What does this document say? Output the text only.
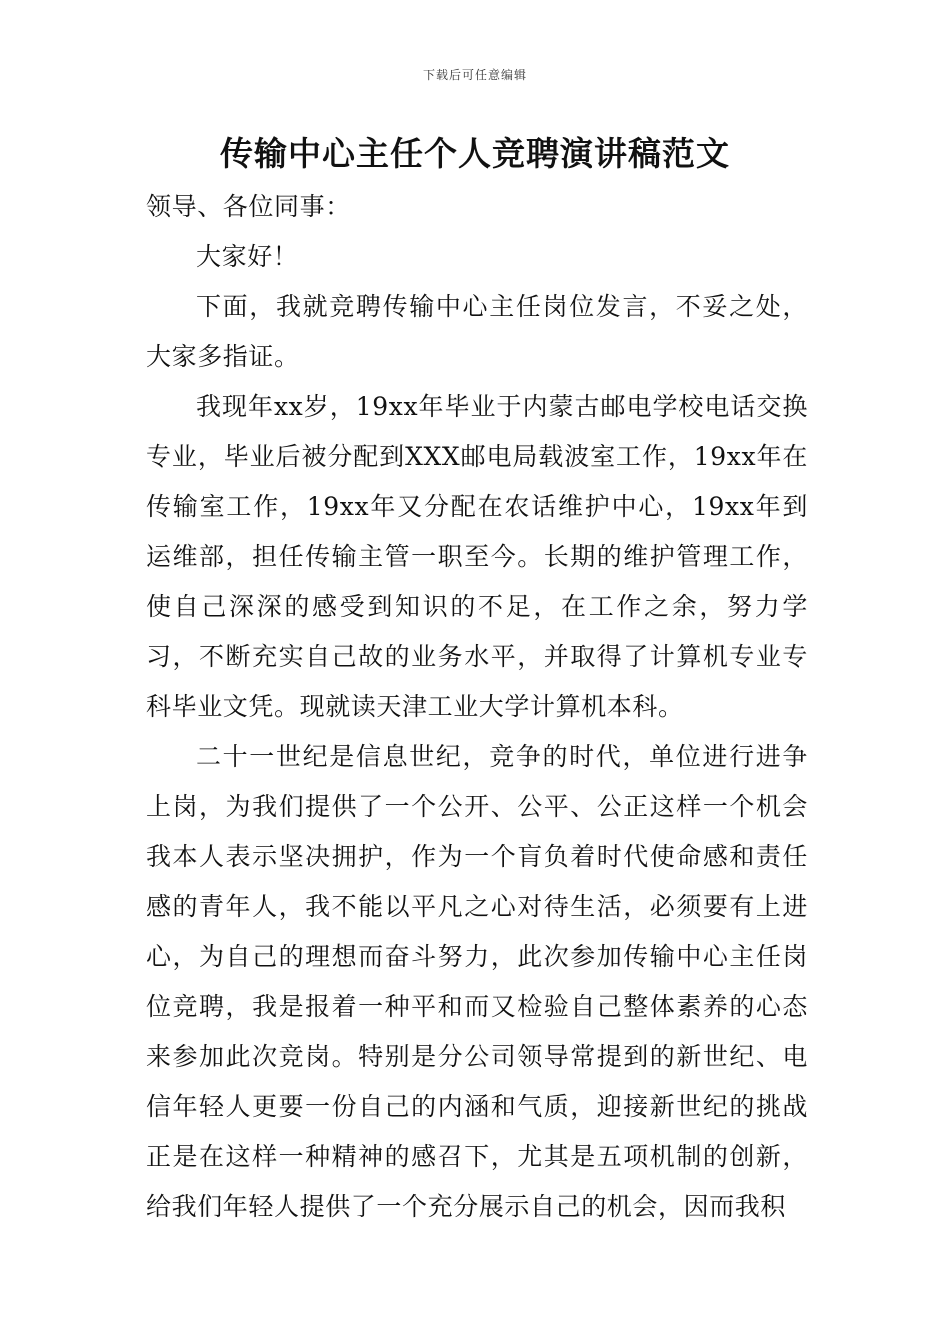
下载后可任意编辑
传输中心主任个人竞聘演讲稿范文

领导、各位同事：

大家好！

下面，我就竞聘传输中心主任岗位发言，不妥之处，大家多指证。

我现年xx岁，19xx年毕业于内蒙古邮电学校电话交换专业，毕业后被分配到XXX邮电局载波室工作，19xx年在传输室工作，19xx年又分配在农话维护中心，19xx年到运维部，担任传输主管一职至今。长期的维护管理工作，使自己深深的感受到知识的不足，在工作之余，努力学习，不断充实自己故的业务水平，并取得了计算机专业专科毕业文凭。现就读天津工业大学计算机本科。

二十一世纪是信息世纪，竞争的时代，单位进行进争上岗，为我们提供了一个公开、公平、公正这样一个机会我本人表示坚决拥护，作为一个肓负着时代使命感和责任感的青年人，我不能以平凡之心对待生活，必须要有上进心，为自己的理想而奋斗努力，此次参加传输中心主任岗位竞聘，我是报着一种平和而又检验自己整体素养的心态来参加此次竞岗。特别是分公司领导常提到的新世纪、电信年轻人更要一份自己的内涵和气质，迎接新世纪的挑战正是在这样一种精神的感召下，尤其是五项机制的创新，给我们年轻人提供了一个充分展示自己的机会，因而我积
